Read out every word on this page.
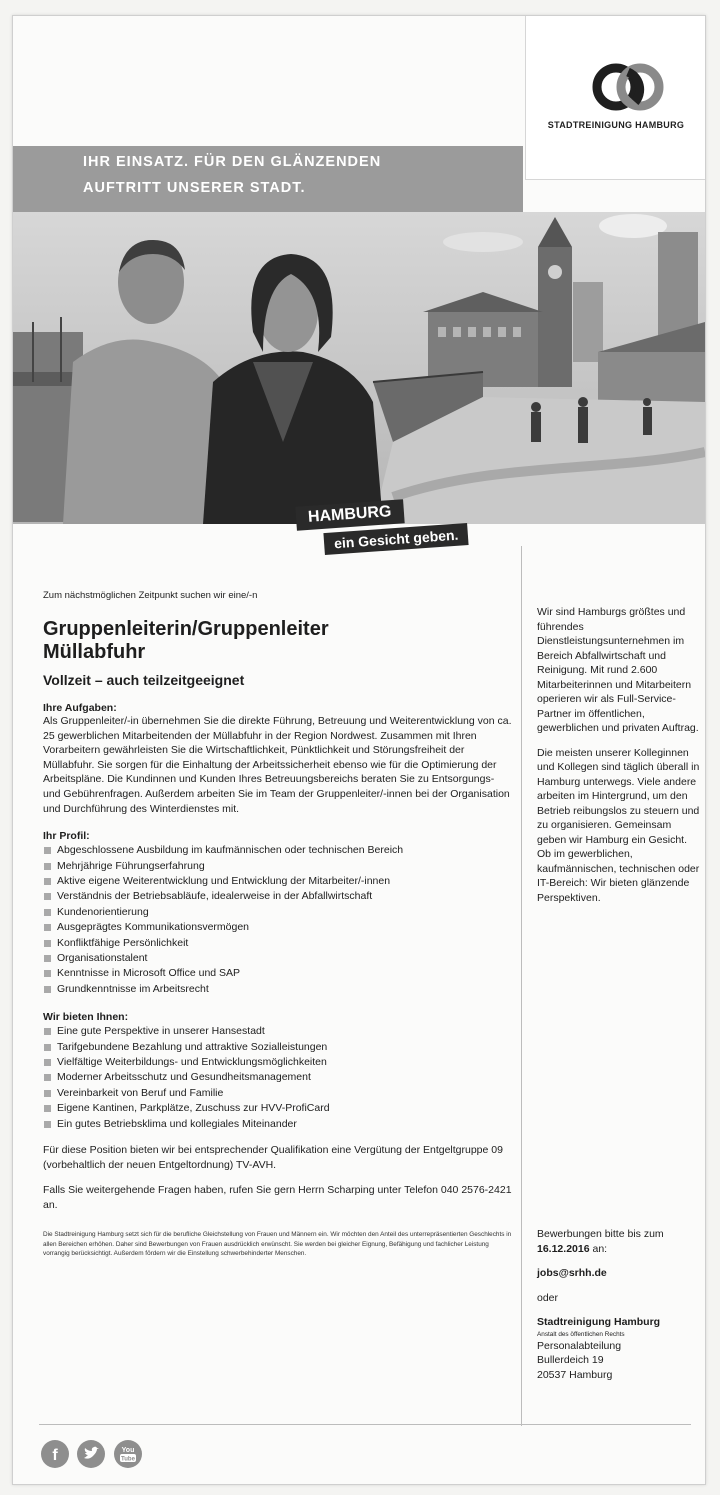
STADTREINIGUNG HAMBURG

IHR EINSATZ. FÜR DEN GLÄNZENDEN
AUFTRITT UNSERER STADT.

HAMBURG
ein Gesicht geben.

Zum nächstmöglichen Zeitpunkt suchen wir eine/-n

Gruppenleiterin/Gruppenleiter
Müllabfuhr
Vollzeit – auch teilzeitgeeignet
Ihre Aufgaben:

Als Gruppenleiter/-in übernehmen Sie die direkte Führung, Betreuung und Weiterentwicklung von ca. 25 gewerblichen Mitarbeitenden der Müllabfuhr in der Region Nordwest. Zusammen mit Ihren Vorarbeitern gewährleisten Sie die Wirtschaftlichkeit, Pünktlichkeit und Störungsfreiheit der Müllabfuhr. Sie sorgen für die Einhaltung der Arbeitssicherheit ebenso wie für die Optimierung der Arbeitspläne. Die Kundinnen und Kunden Ihres Betreuungsbereichs beraten Sie zu Entsorgungs- und Gebührenfragen. Außerdem arbeiten Sie im Team der Gruppenleiter/-innen bei der Organisation und Durchführung des Winterdienstes mit.

Ihr Profil:
Abgeschlossene Ausbildung im kaufmännischen oder technischen Bereich
Mehrjährige Führungserfahrung
Aktive eigene Weiterentwicklung und Entwicklung der Mitarbeiter/-innen
Verständnis der Betriebsabläufe, idealerweise in der Abfallwirtschaft
Kundenorientierung
Ausgeprägtes Kommunikationsvermögen
Konfliktfähige Persönlichkeit
Organisationstalent
Kenntnisse in Microsoft Office und SAP
Grundkenntnisse im Arbeitsrecht
Wir bieten Ihnen:
Eine gute Perspektive in unserer Hansestadt
Tarifgebundene Bezahlung und attraktive Sozialleistungen
Vielfältige Weiterbildungs- und Entwicklungsmöglichkeiten
Moderner Arbeitsschutz und Gesundheitsmanagement
Vereinbarkeit von Beruf und Familie
Eigene Kantinen, Parkplätze, Zuschuss zur HVV-ProfiCard
Ein gutes Betriebsklima und kollegiales Miteinander

Für diese Position bieten wir bei entsprechender Qualifikation eine Vergütung der Entgeltgruppe 09 (vorbehaltlich der neuen Entgeltordnung) TV-AVH.

Falls Sie weitergehende Fragen haben, rufen Sie gern Herrn Scharping unter Telefon 040 2576-2421 an.

Die Stadtreinigung Hamburg setzt sich für die berufliche Gleichstellung von Frauen und Männern ein. Wir möchten den Anteil des unterrepräsentierten Geschlechts in allen Bereichen erhöhen. Daher sind Bewerbungen von Frauen ausdrücklich erwünscht. Sie werden bei gleicher Eignung, Befähigung und fachlicher Leistung vorrangig berücksichtigt. Außerdem fördern wir die Einstellung schwerbehinderter Menschen.

Wir sind Hamburgs größtes und führendes Dienstleistungsunternehmen im Bereich Abfallwirtschaft und Reinigung. Mit rund 2.600 Mitarbeiterinnen und Mitarbeitern operieren wir als Full-Service-Partner im öffentlichen, gewerblichen und privaten Auftrag.

Die meisten unserer Kolleginnen und Kollegen sind täglich überall in Hamburg unterwegs. Viele andere arbeiten im Hintergrund, um den Betrieb reibungslos zu steuern und zu organisieren. Gemeinsam geben wir Hamburg ein Gesicht. Ob im gewerblichen, kaufmännischen, technischen oder IT-Bereich: Wir bieten glänzende Perspektiven.

Bewerbungen bitte bis zum
16.12.2016 an:
jobs@srhh.de
oder
Stadtreinigung Hamburg
Anstalt des öffentlichen Rechts
Personalabteilung
Bullerdeich 19
20537 Hamburg
f

	You
Tube
